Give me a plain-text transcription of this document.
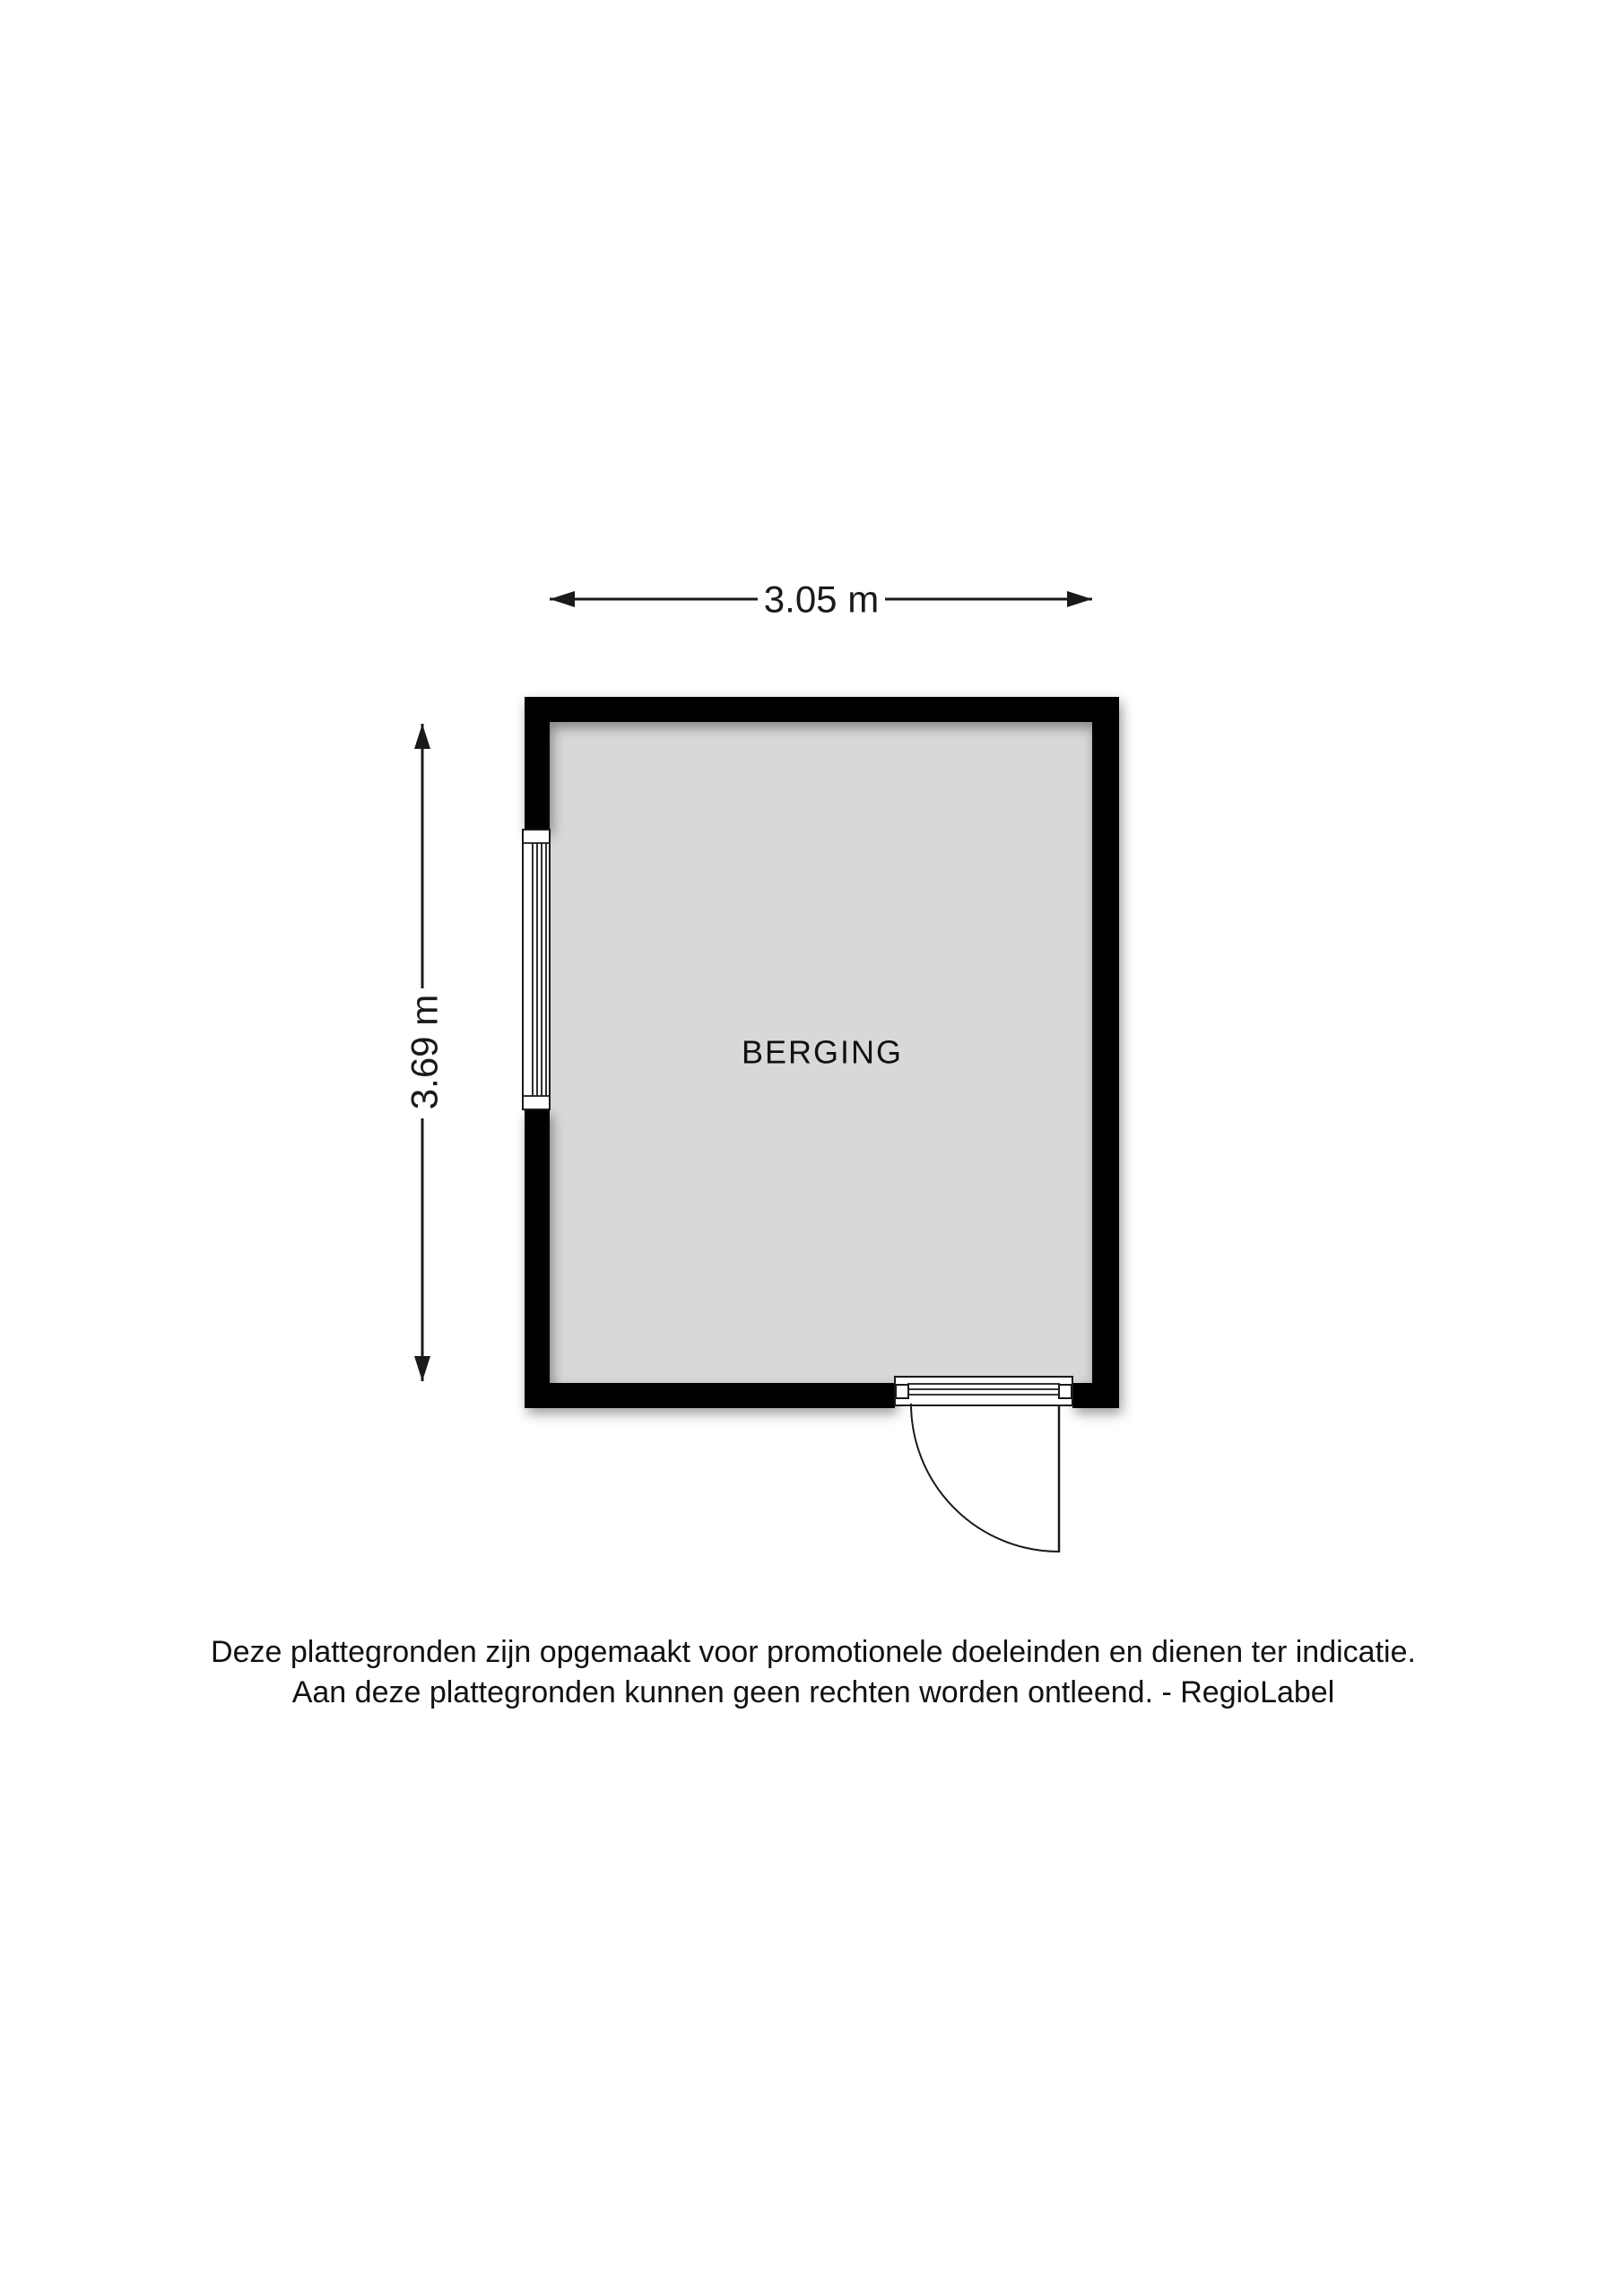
3.05 m
3.69 m	BERGING
Deze plattegronden zijn opgemaakt voor promotionele doeleinden en dienen ter indicatie.
Aan deze plattegronden kunnen geen rechten worden ontleend. - RegioLabel
